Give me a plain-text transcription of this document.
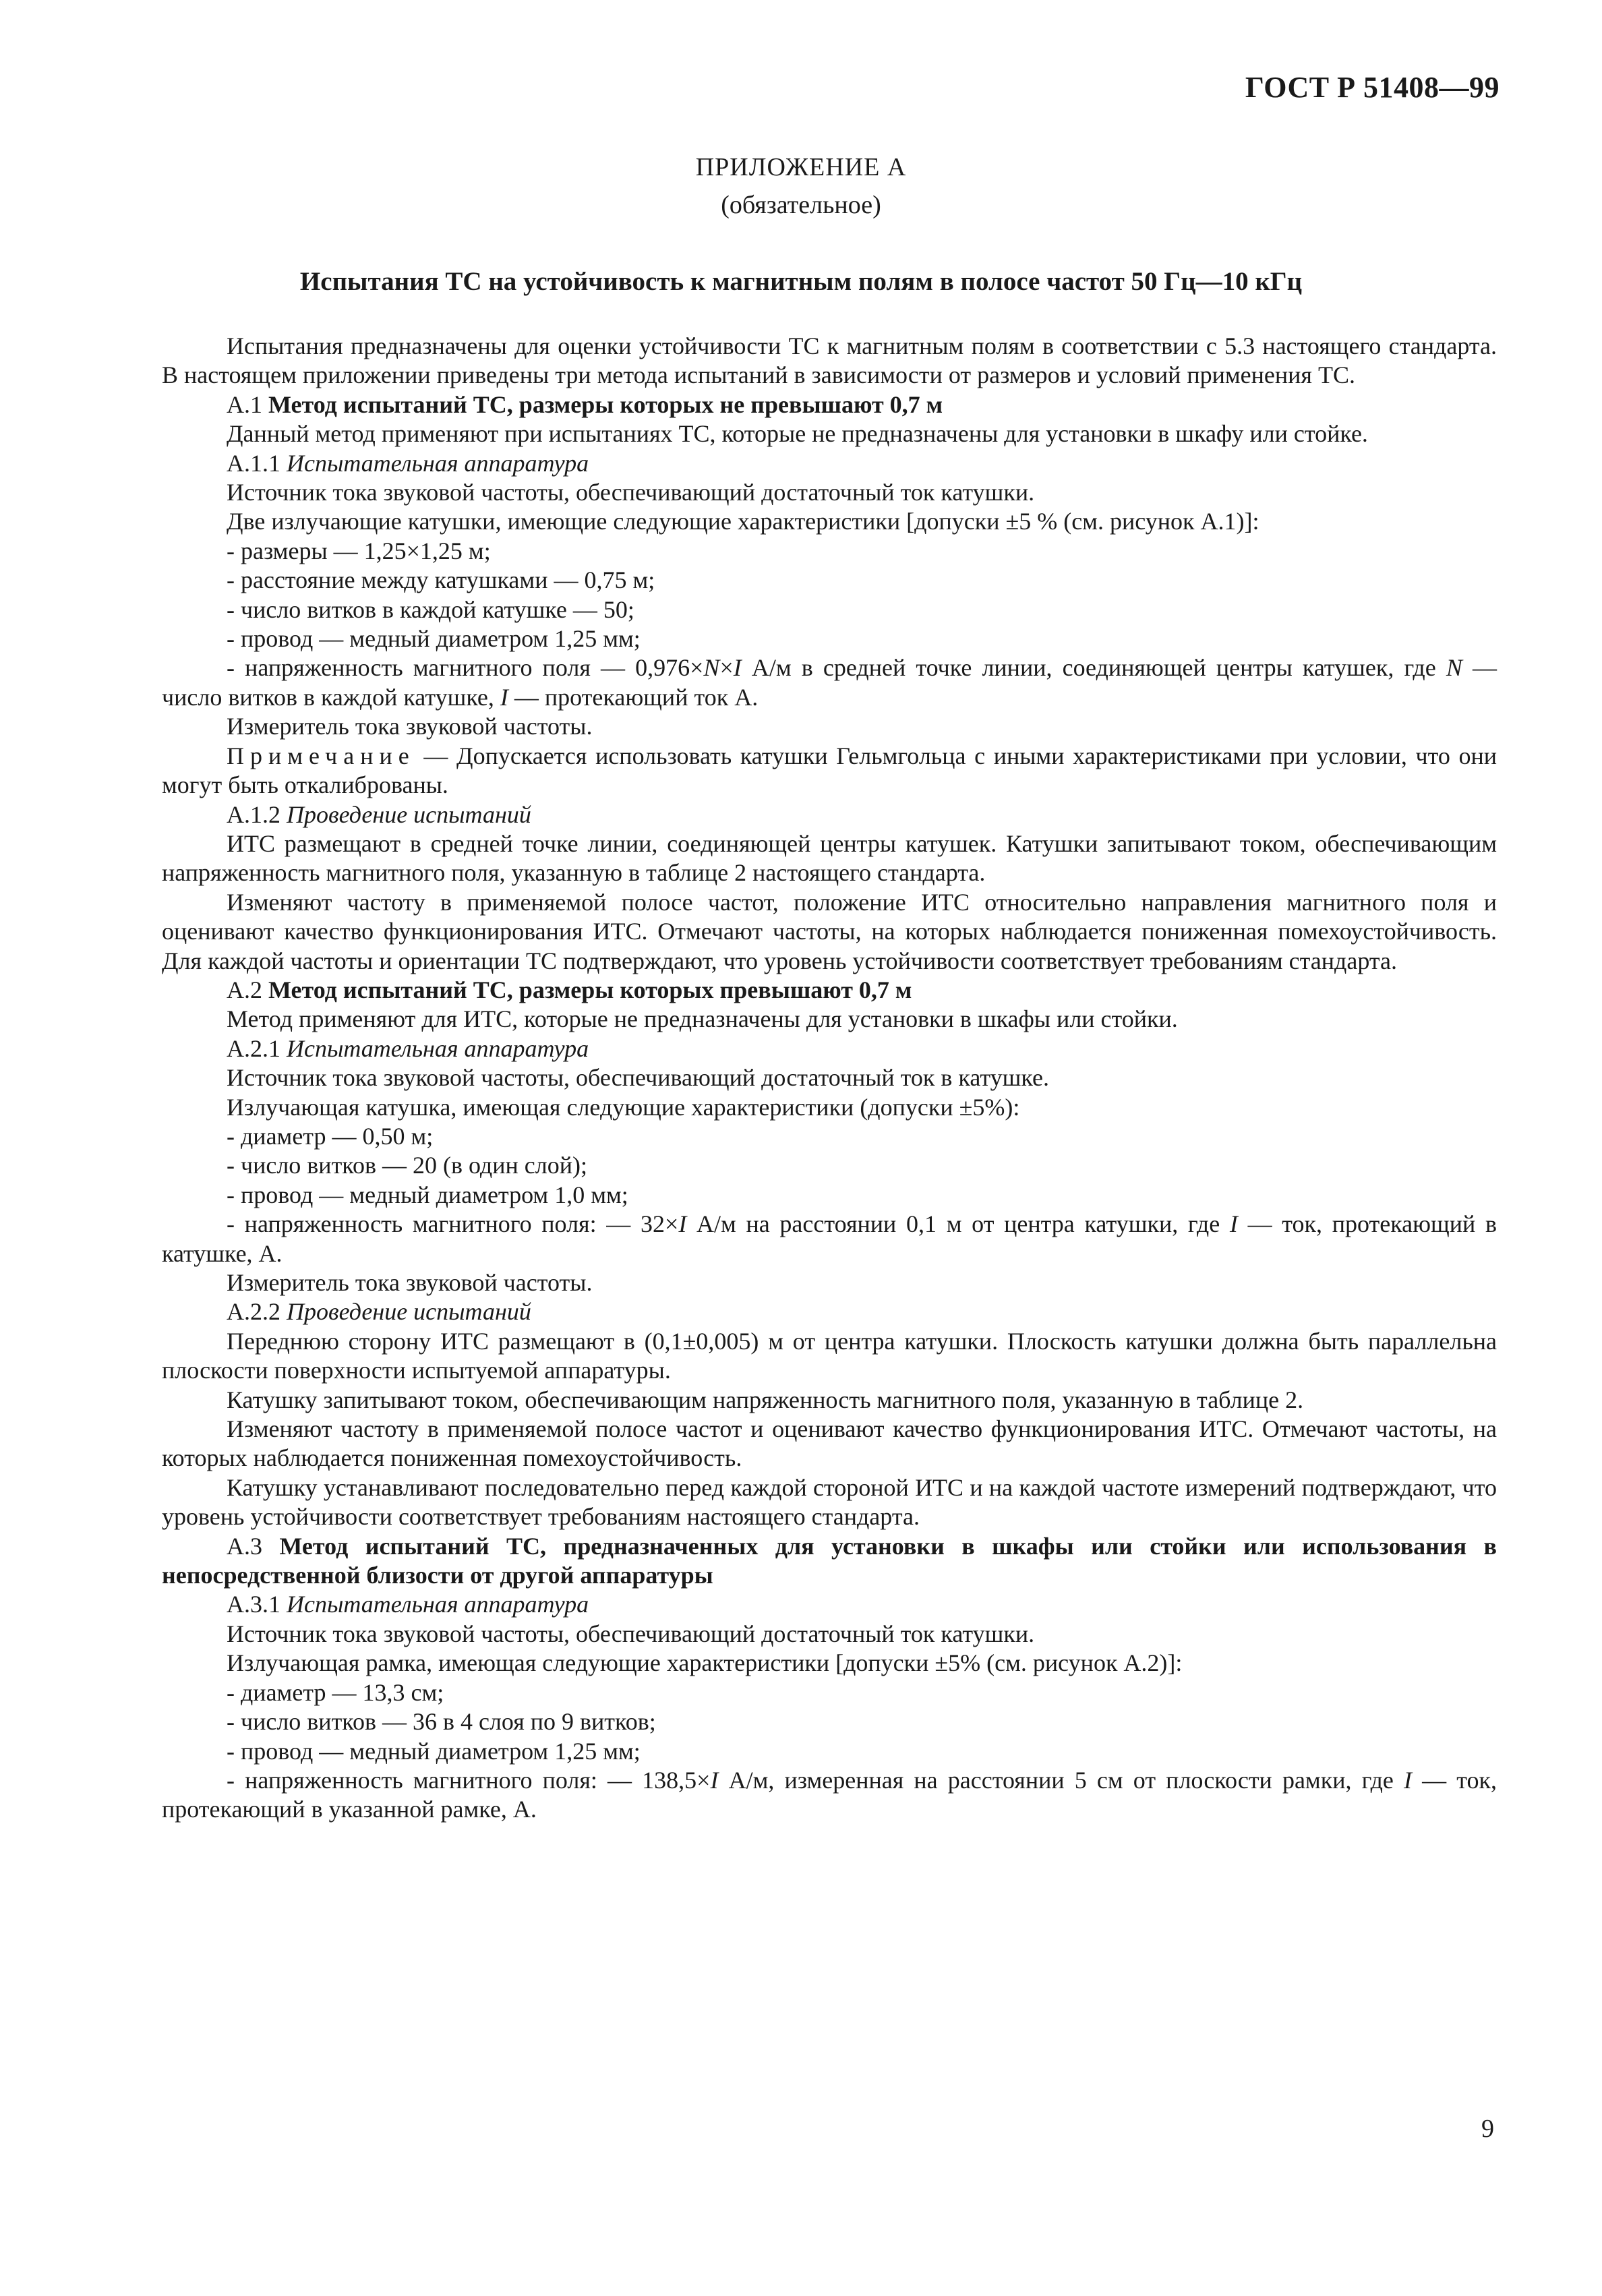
ГОСТ Р 51408—99
ПРИЛОЖЕНИЕ А
(обязательное)
Испытания ТС на устойчивость к магнитным полям в полосе частот 50 Гц—10 кГц

Испытания предназначены для оценки устойчивости ТС к магнитным полям в соответствии с 5.3 настоящего стандарта. В настоящем приложении приведены три метода испытаний в зависимости от размеров и условий применения ТС.

А.1 Метод испытаний ТС, размеры которых не превышают 0,7 м

Данный метод применяют при испытаниях ТС, которые не предназначены для установки в шкафу или стойке.

А.1.1 Испытательная аппаратура

Источник тока звуковой частоты, обеспечивающий достаточный ток катушки.

Две излучающие катушки, имеющие следующие характеристики [допуски ±5 % (см. рисунок А.1)]:

- размеры — 1,25×1,25 м;

- расстояние между катушками — 0,75 м;

- число витков в каждой катушке — 50;

- провод — медный диаметром 1,25 мм;

- напряженность магнитного поля — 0,976×N×I А/м в средней точке линии, соединяющей центры катушек, где N — число витков в каждой катушке, I — протекающий ток А.

Измеритель тока звуковой частоты.

Примечание — Допускается использовать катушки Гельмгольца с иными характеристиками при условии, что они могут быть откалиброваны.

А.1.2 Проведение испытаний

ИТС размещают в средней точке линии, соединяющей центры катушек. Катушки запитывают током, обеспечивающим напряженность магнитного поля, указанную в таблице 2 настоящего стандарта.

Изменяют частоту в применяемой полосе частот, положение ИТС относительно направления магнитного поля и оценивают качество функционирования ИТС. Отмечают частоты, на которых наблюдается пониженная помехоустойчивость. Для каждой частоты и ориентации ТС подтверждают, что уровень устойчивости соответствует требованиям стандарта.

А.2 Метод испытаний ТС, размеры которых превышают 0,7 м

Метод применяют для ИТС, которые не предназначены для установки в шкафы или стойки.

А.2.1 Испытательная аппаратура

Источник тока звуковой частоты, обеспечивающий достаточный ток в катушке.

Излучающая катушка, имеющая следующие характеристики (допуски ±5%):

- диаметр — 0,50 м;

- число витков — 20 (в один слой);

- провод — медный диаметром 1,0 мм;

- напряженность магнитного поля: — 32×I А/м на расстоянии 0,1 м от центра катушки, где I — ток, протекающий в катушке, А.

Измеритель тока звуковой частоты.

А.2.2 Проведение испытаний

Переднюю сторону ИТС размещают в (0,1±0,005) м от центра катушки. Плоскость катушки должна быть параллельна плоскости поверхности испытуемой аппаратуры.

Катушку запитывают током, обеспечивающим напряженность магнитного поля, указанную в таблице 2.

Изменяют частоту в применяемой полосе частот и оценивают качество функционирования ИТС. Отмечают частоты, на которых наблюдается пониженная помехоустойчивость.

Катушку устанавливают последовательно перед каждой стороной ИТС и на каждой частоте измерений подтверждают, что уровень устойчивости соответствует требованиям настоящего стандарта.

А.3 Метод испытаний ТС, предназначенных для установки в шкафы или стойки или использования в непосредственной близости от другой аппаратуры

А.3.1 Испытательная аппаратура

Источник тока звуковой частоты, обеспечивающий достаточный ток катушки.

Излучающая рамка, имеющая следующие характеристики [допуски ±5% (см. рисунок А.2)]:

- диаметр — 13,3 см;

- число витков — 36 в 4 слоя по 9 витков;

- провод — медный диаметром 1,25 мм;

- напряженность магнитного поля: — 138,5×I А/м, измеренная на расстоянии 5 см от плоскости рамки, где I — ток, протекающий в указанной рамке, А.

9
